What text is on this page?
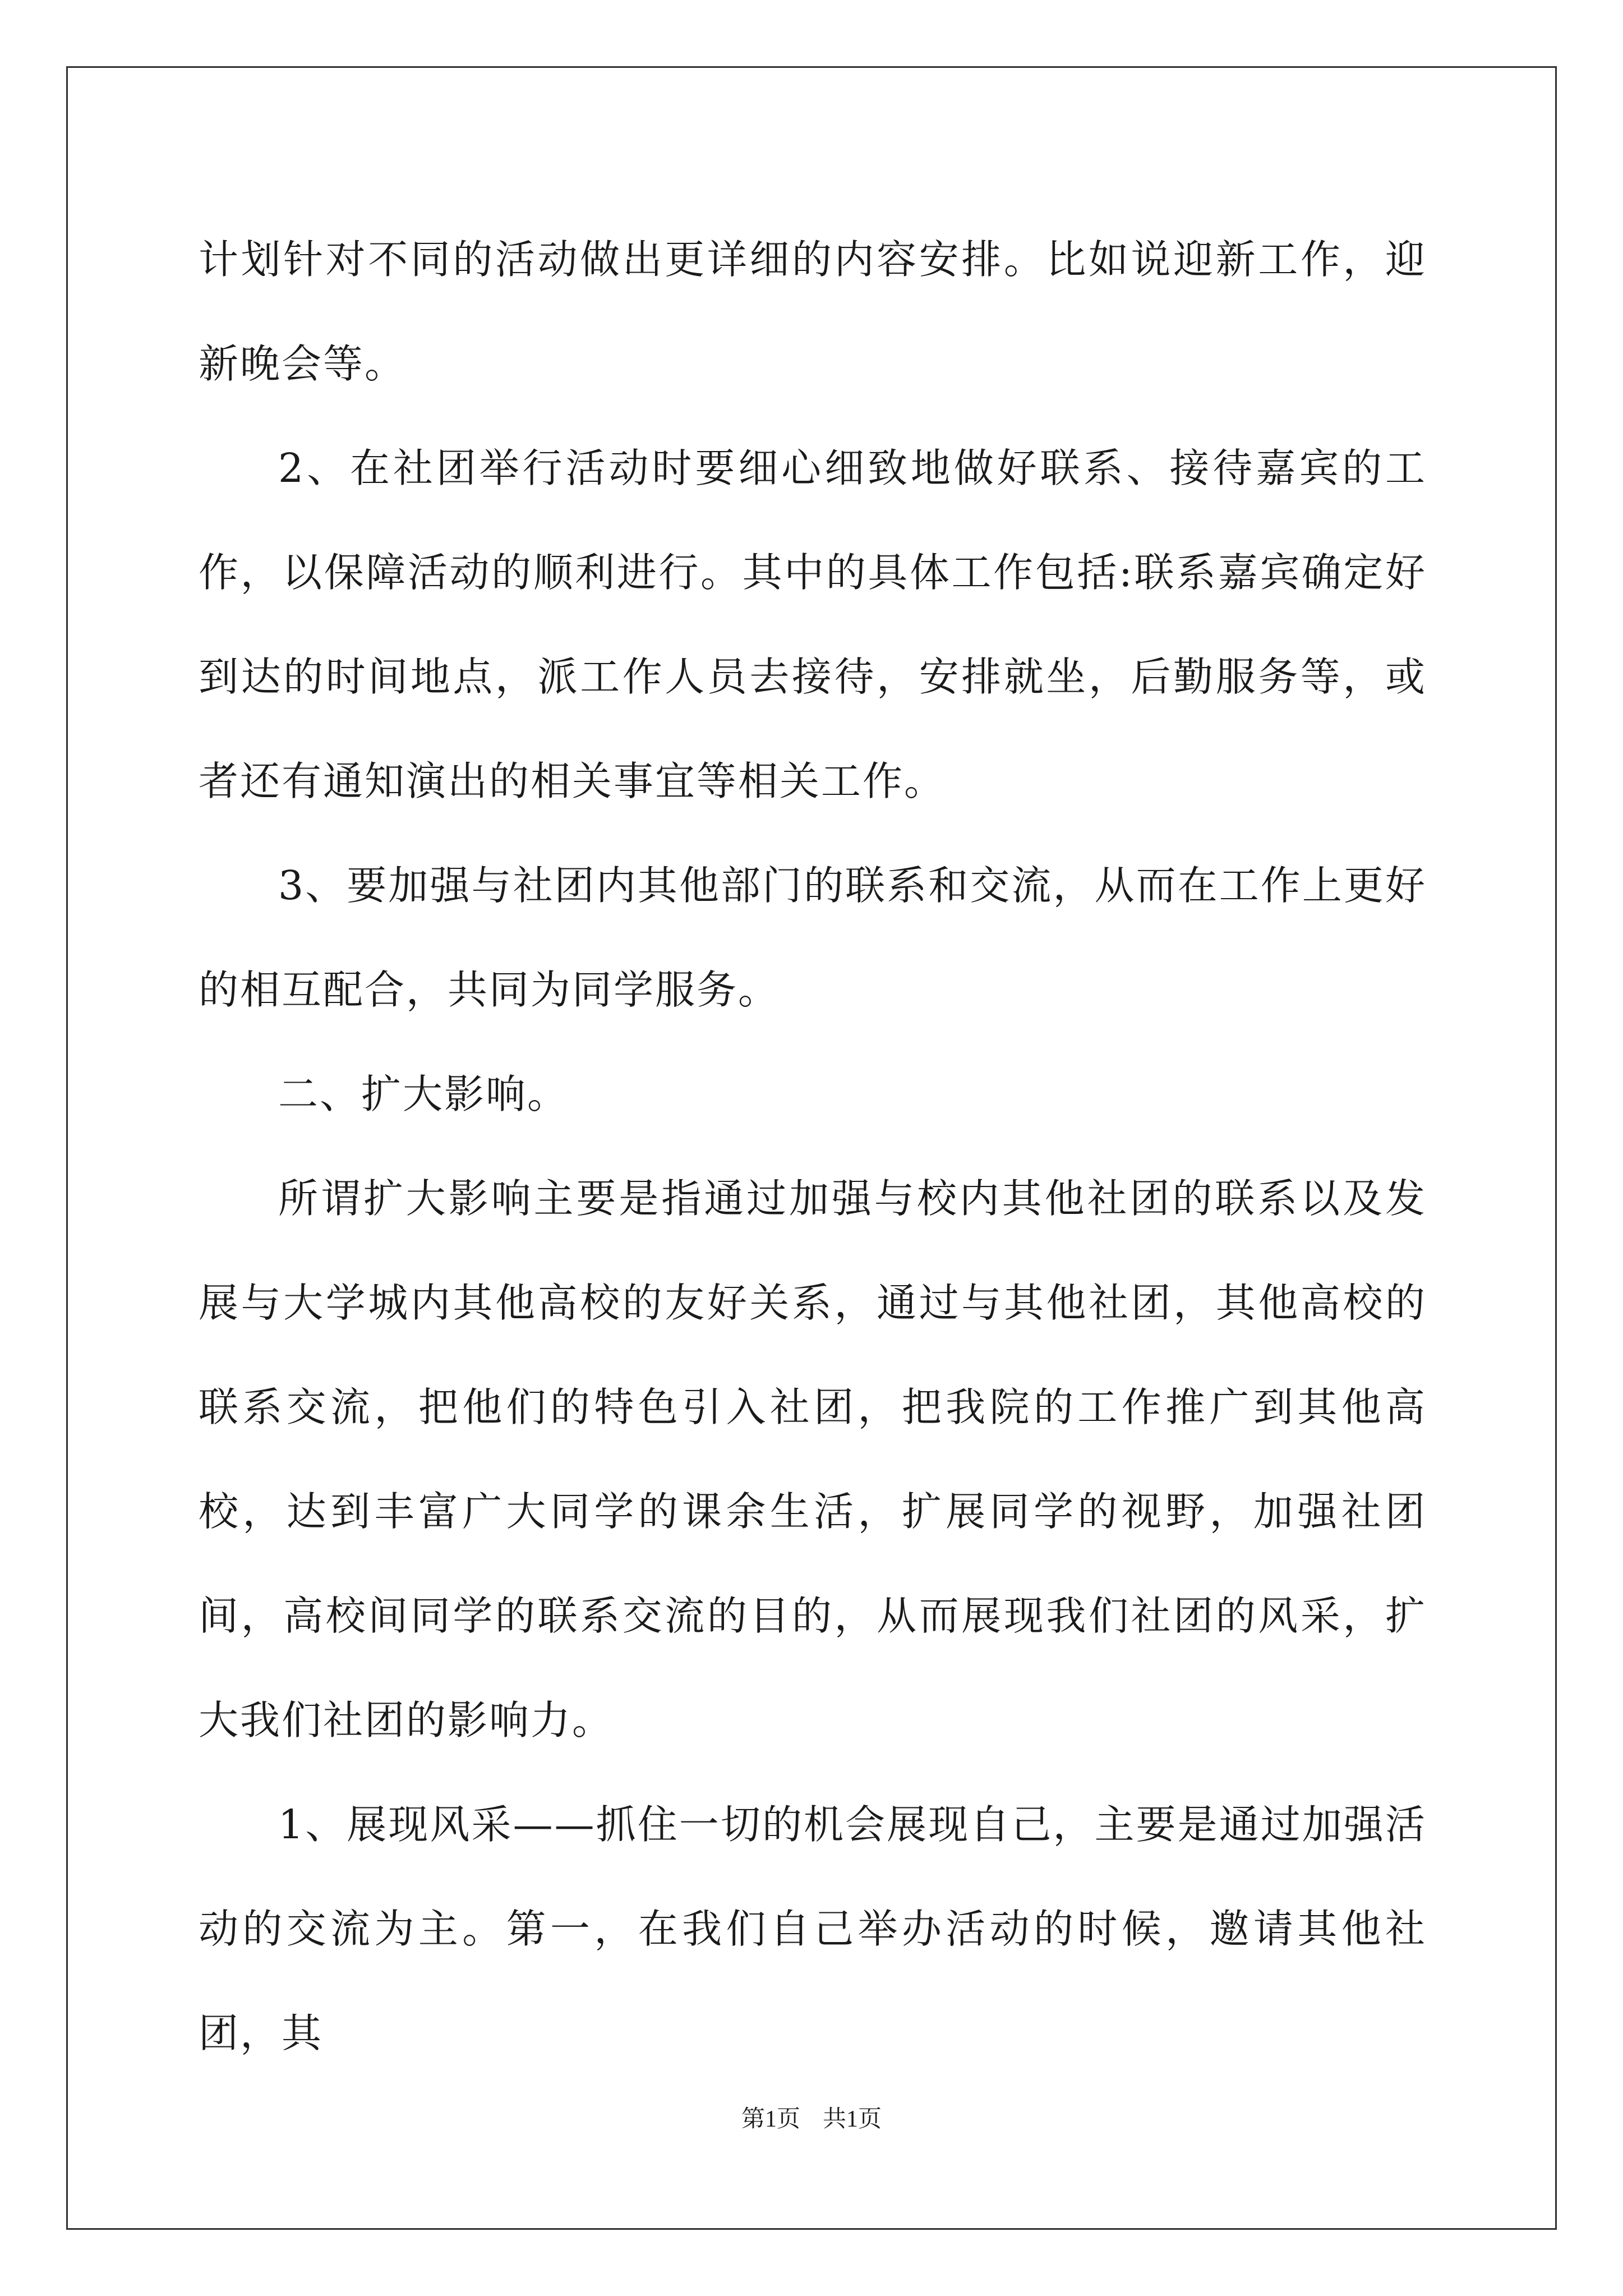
计划针对不同的活动做出更详细的内容安排。比如说迎新工作，迎新晚会等。

2、在社团举行活动时要细心细致地做好联系、接待嘉宾的工作，以保障活动的顺利进行。其中的具体工作包括:联系嘉宾确定好到达的时间地点，派工作人员去接待，安排就坐，后勤服务等，或者还有通知演出的相关事宜等相关工作。

3、要加强与社团内其他部门的联系和交流，从而在工作上更好的相互配合，共同为同学服务。

二、扩大影响。

所谓扩大影响主要是指通过加强与校内其他社团的联系以及发展与大学城内其他高校的友好关系，通过与其他社团，其他高校的联系交流，把他们的特色引入社团，把我院的工作推广到其他高校，达到丰富广大同学的课余生活，扩展同学的视野，加强社团间，高校间同学的联系交流的目的，从而展现我们社团的风采，扩大我们社团的影响力。

1、展现风采——抓住一切的机会展现自己，主要是通过加强活动的交流为主。第一，在我们自己举办活动的时候，邀请其他社团，其

第1页 共1页
